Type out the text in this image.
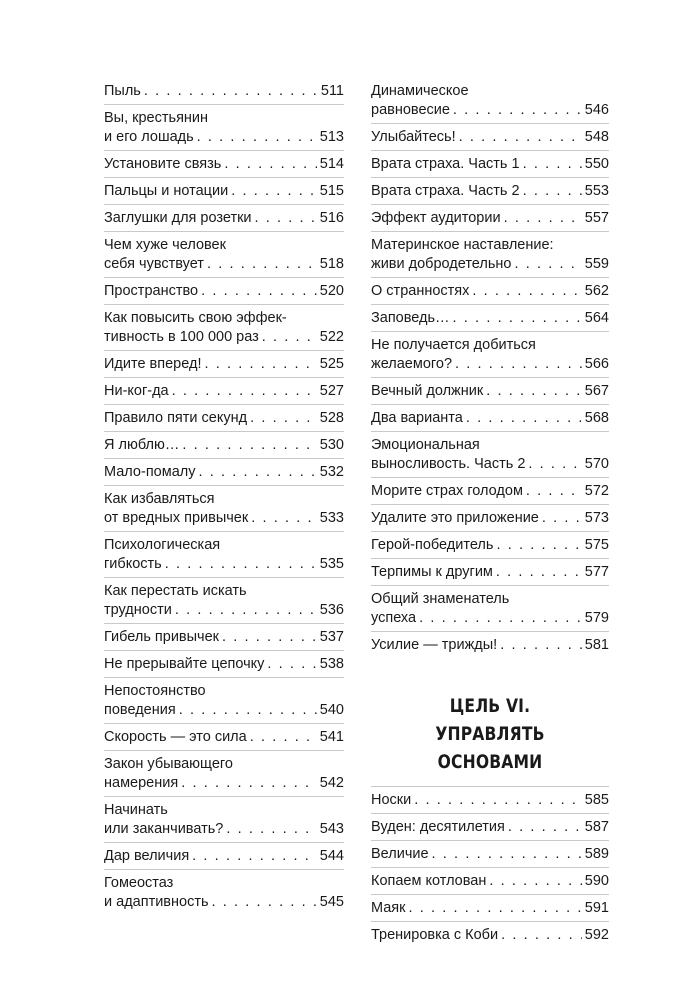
Пыль . . .	511
Вы, крестьянин
и его лошадь . . .	513
Установите связь . . .	514
Пальцы и нотации . . .	515
Заглушки для розетки . . .	516
Чем хуже человек
себя чувствует . . .	518
Пространство . . .	520
Как повысить свою эффек-
тивность в 100 000 раз . . .	522
Идите вперед! . . .	525
Ни-ког-да . . .	527
Правило пяти секунд . . .	528
Я люблю… . . .	530
Мало-помалу . . .	532
Как избавляться
от вредных привычек . . .	533
Психологическая
гибкость . . .	535
Как перестать искать
трудности . . .	536
Гибель привычек . . .	537
Не прерывайте цепочку . . .	538
Непостоянство
поведения . . .	540
Скорость — это сила . . .	541
Закон убывающего
намерения . . .	542
Начинать
или заканчивать? . . .	543
Дар величия . . .	544
Гомеостаз
и адаптивность . . .	545
Динамическое
равновесие . . .	546
Улыбайтесь! . . .	548
Врата страха. Часть 1 . . .	550
Врата страха. Часть 2 . . .	553
Эффект аудитории . . .	557
Материнское наставление:
живи добродетельно . . .	559
О странностях . . .	562
Заповедь… . . .	564
Не получается добиться
желаемого? . . .	566
Вечный должник . . .	567
Два варианта . . .	568
Эмоциональная
выносливость. Часть 2 . . .	570
Морите страх голодом . . .	572
Удалите это приложение . . .	573
Герой-победитель . . .	575
Терпимы к другим . . .	577
Общий знаменатель
успеха . . .	579
Усилие — трижды! . . .	581
ЦЕЛЬ VI.
УПРАВЛЯТЬ ОСНОВАМИ
Носки . . .	585
Вуден: десятилетия . . .	587
Величие . . .	589
Копаем котлован . . .	590
Маяк . . .	591
Тренировка с Коби . . .	592
